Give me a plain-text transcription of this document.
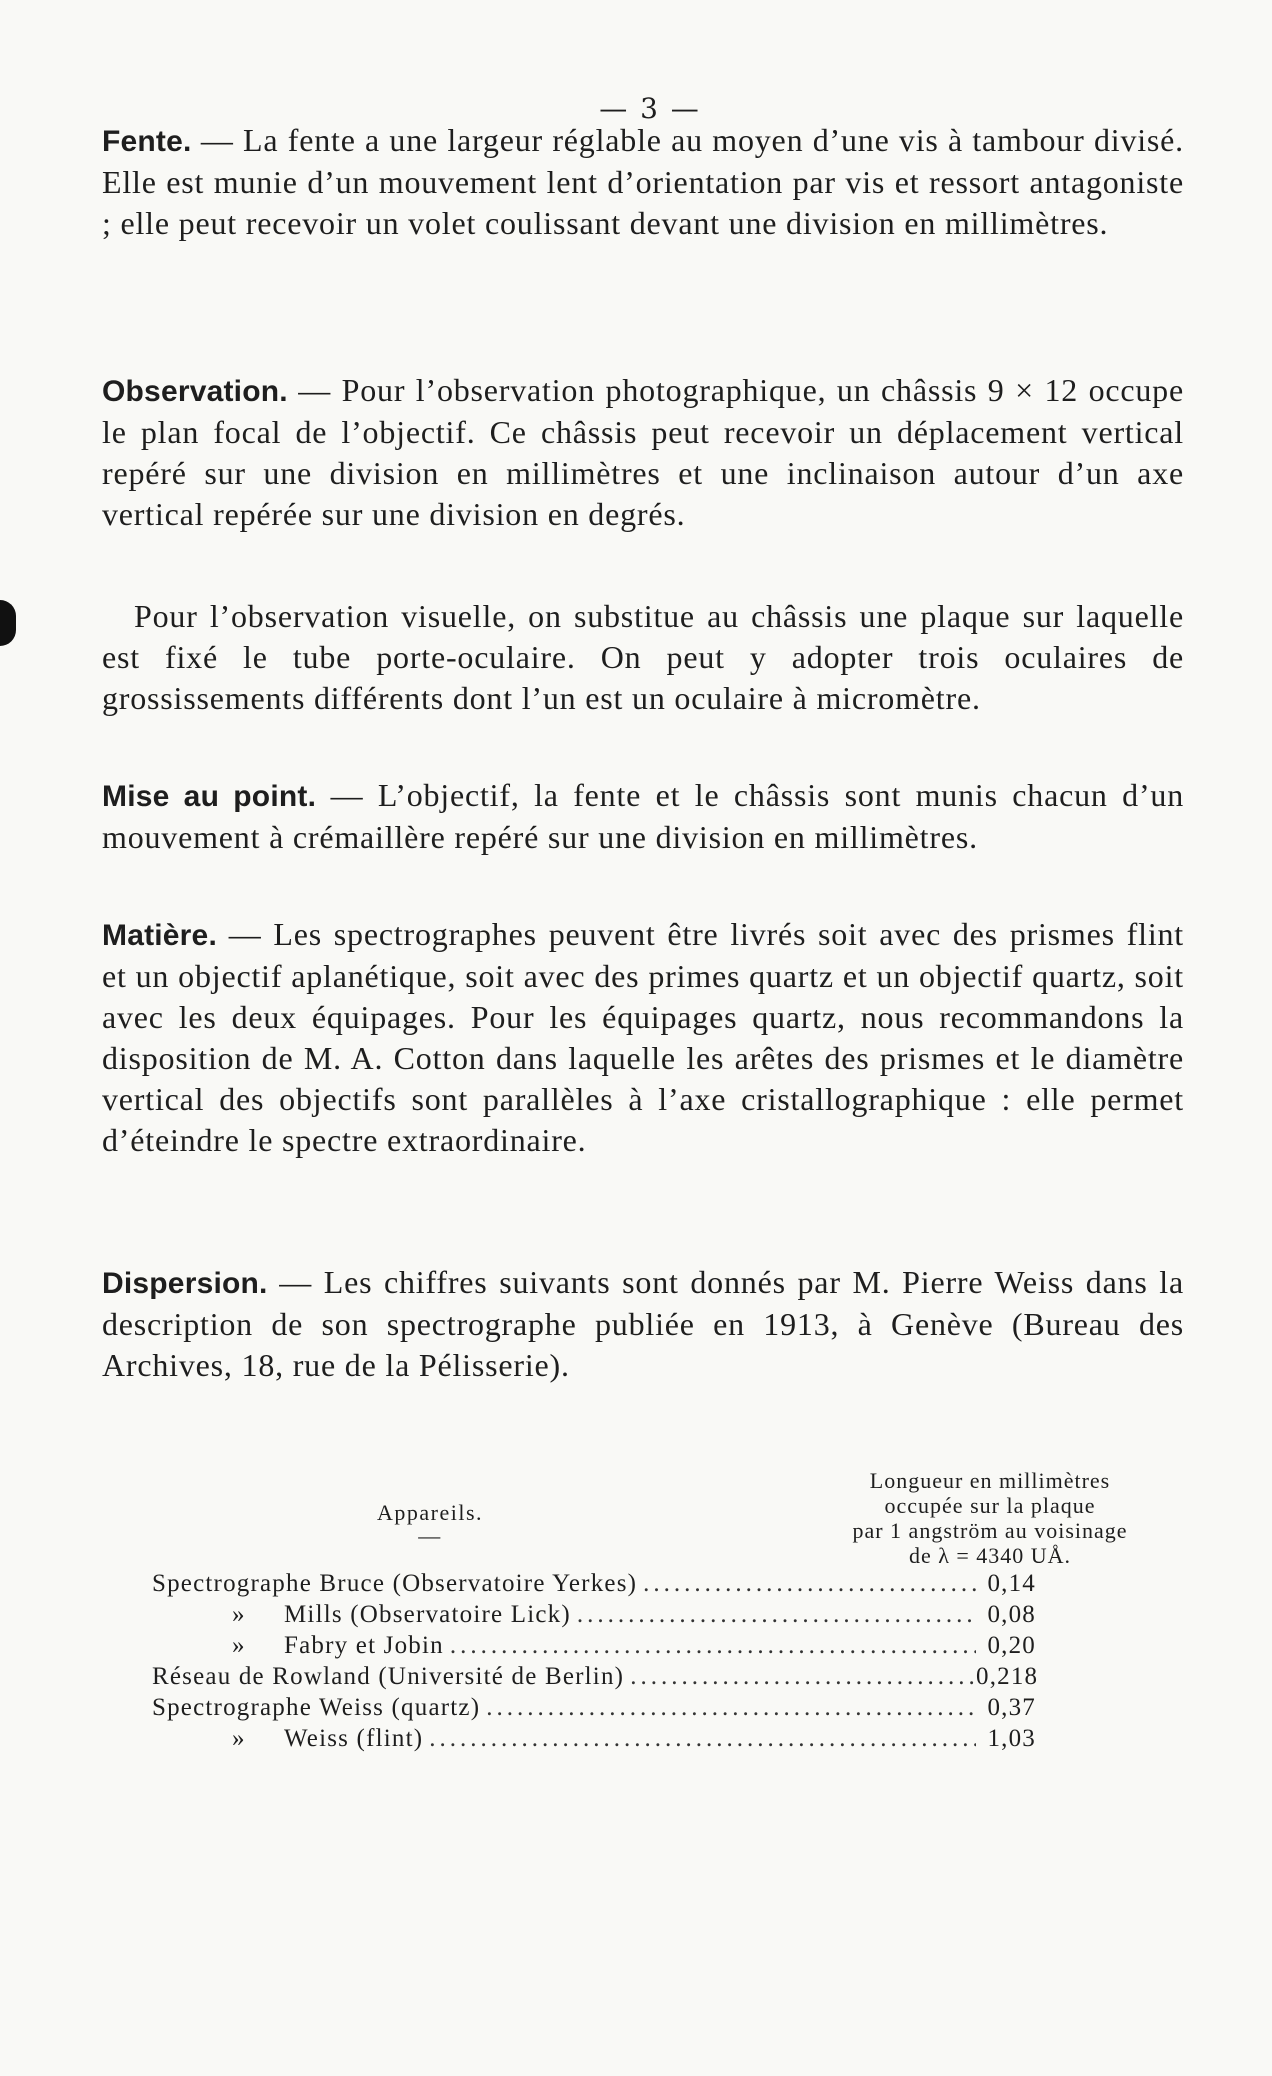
— 3 —

Fente. — La fente a une largeur réglable au moyen d’une vis à tambour divisé. Elle est munie d’un mouvement lent d’orientation par vis et ressort antagoniste ; elle peut recevoir un volet coulissant devant une division en millimètres.

Observation. — Pour l’observation photographique, un châssis 9 × 12 occupe le plan focal de l’objectif. Ce châssis peut recevoir un déplacement vertical repéré sur une division en millimètres et une inclinaison autour d’un axe vertical repérée sur une division en degrés.

Pour l’observation visuelle, on substitue au châssis une plaque sur laquelle est fixé le tube porte-oculaire. On peut y adopter trois oculaires de grossissements différents dont l’un est un oculaire à micromètre.

Mise au point. — L’objectif, la fente et le châssis sont munis chacun d’un mouvement à crémaillère repéré sur une division en millimètres.

Matière. — Les spectrographes peuvent être livrés soit avec des prismes flint et un objectif aplanétique, soit avec des primes quartz et un objectif quartz, soit avec les deux équipages. Pour les équipages quartz, nous recommandons la disposition de M. A. Cotton dans laquelle les arêtes des prismes et le diamètre vertical des objectifs sont parallèles à l’axe cristallographique : elle permet d’éteindre le spectre extraordinaire.

Dispersion. — Les chiffres suivants sont donnés par M. Pierre Weiss dans la description de son spectrographe publiée en 1913, à Genève (Bureau des Archives, 18, rue de la Pélisserie).

Appareils.
—
Longueur en millimètres
occupée sur la plaque
par 1 angström au voisinage
de λ = 4340 UÅ.
Spectrographe Bruce (Observatoire Yerkes) .....	0,14
»	Mills (Observatoire Lick) .....	0,08
»	Fabry et Jobin .....	0,20
Réseau de Rowland (Université de Berlin) .....	0,218
Spectrographe Weiss (quartz) .....	0,37
»	Weiss (flint) .....	1,03
